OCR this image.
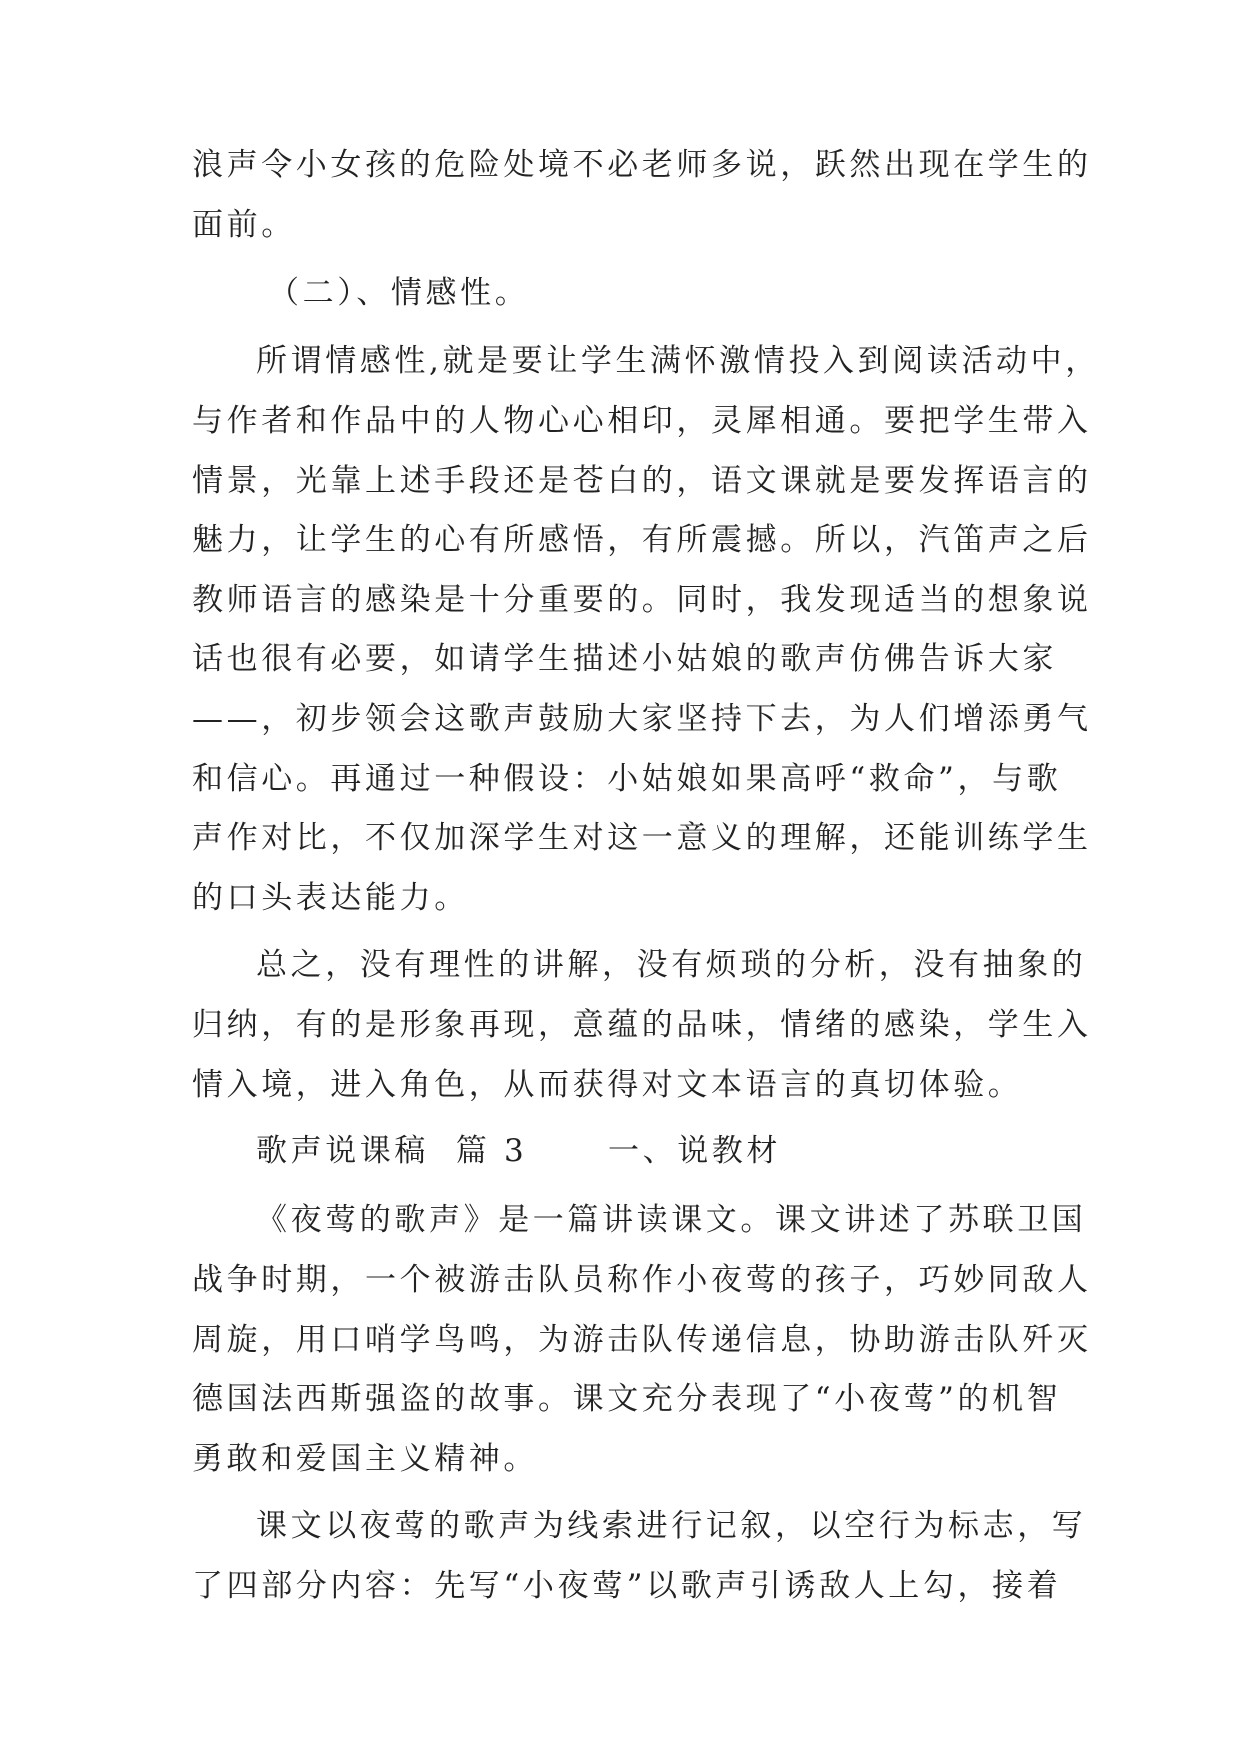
浪声令小女孩的危险处境不必老师多说，跃然出现在学生的
面前。
（二）、情感性。
所谓情感性,就是要让学生满怀激情投入到阅读活动中，
与作者和作品中的人物心心相印，灵犀相通。要把学生带入
情景，光靠上述手段还是苍白的，语文课就是要发挥语言的
魅力，让学生的心有所感悟，有所震撼。所以，汽笛声之后
教师语言的感染是十分重要的。同时，我发现适当的想象说
话也很有必要，如请学生描述小姑娘的歌声仿佛告诉大家
——，初步领会这歌声鼓励大家坚持下去，为人们增添勇气
和信心。再通过一种假设：小姑娘如果高呼“救命”，与歌
声作对比，不仅加深学生对这一意义的理解，还能训练学生
的口头表达能力。
总之，没有理性的讲解，没有烦琐的分析，没有抽象的
归纳，有的是形象再现，意蕴的品味，情绪的感染，学生入
情入境，进入角色，从而获得对文本语言的真切体验。
歌声说课稿  篇 3      一、说教材
《夜莺的歌声》是一篇讲读课文。课文讲述了苏联卫国
战争时期，一个被游击队员称作小夜莺的孩子，巧妙同敌人
周旋，用口哨学鸟鸣，为游击队传递信息，协助游击队歼灭
德国法西斯强盗的故事。课文充分表现了“小夜莺”的机智
勇敢和爱国主义精神。
课文以夜莺的歌声为线索进行记叙，以空行为标志，写
了四部分内容：先写“小夜莺”以歌声引诱敌人上勾，接着
